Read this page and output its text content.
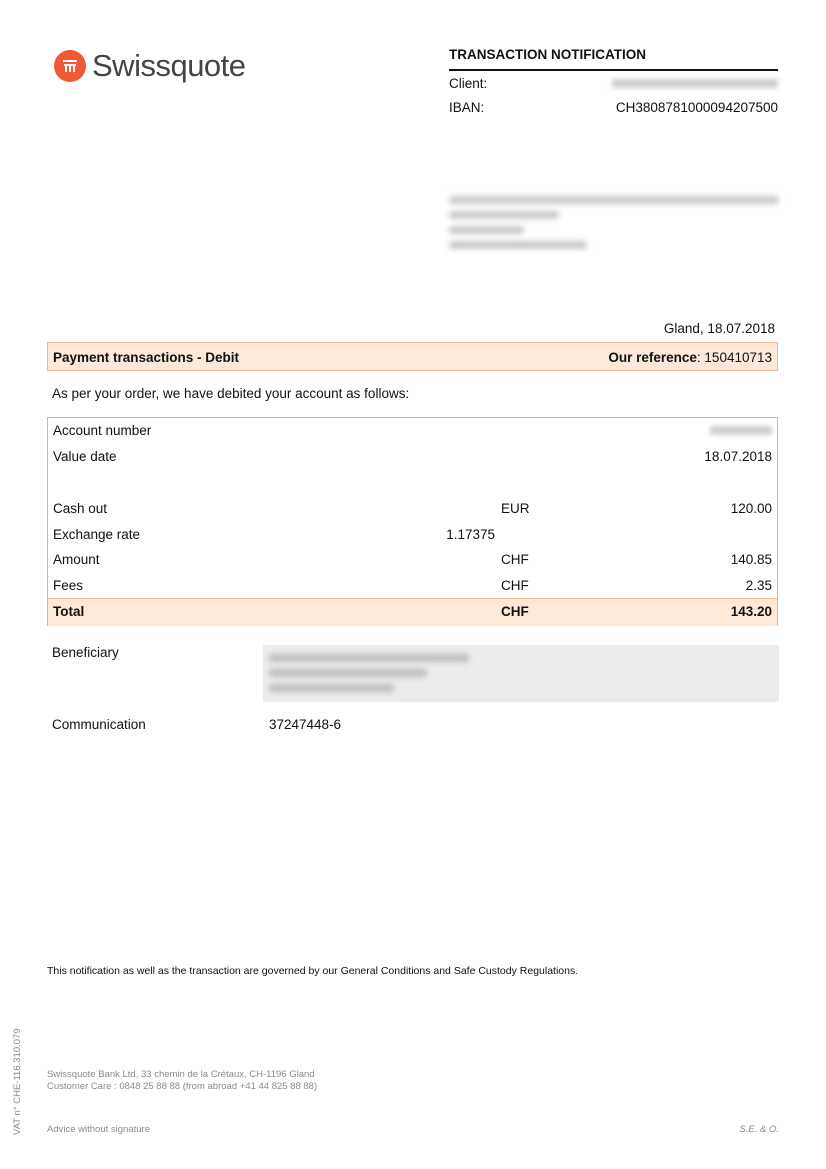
Swissquote	TRANSACTION NOTIFICATION
Client:
IBAN:	CH3808781000094207500
Gland, 18.07.2018
Payment transactions - Debit	Our reference: 150410713
As per your order, we have debited your account as follows:
Account number
Value date	18.07.2018
Cash out	EUR	120.00
Exchange rate	1.17375
Amount	CHF	140.85
Fees	CHF	2.35
Total	CHF	143.20
Beneficiary
Communication	37247448-6
This notification as well as the transaction are governed by our General Conditions and Safe Custody Regulations.
Swissquote Bank Ltd, 33 chemin de la Crétaux, CH-1196 Gland
Customer Care : 0848 25 88 88 (from abroad +41 44 825 88 88)
Advice without signature	S.E. & O.
VAT n° CHE-116.310.079
